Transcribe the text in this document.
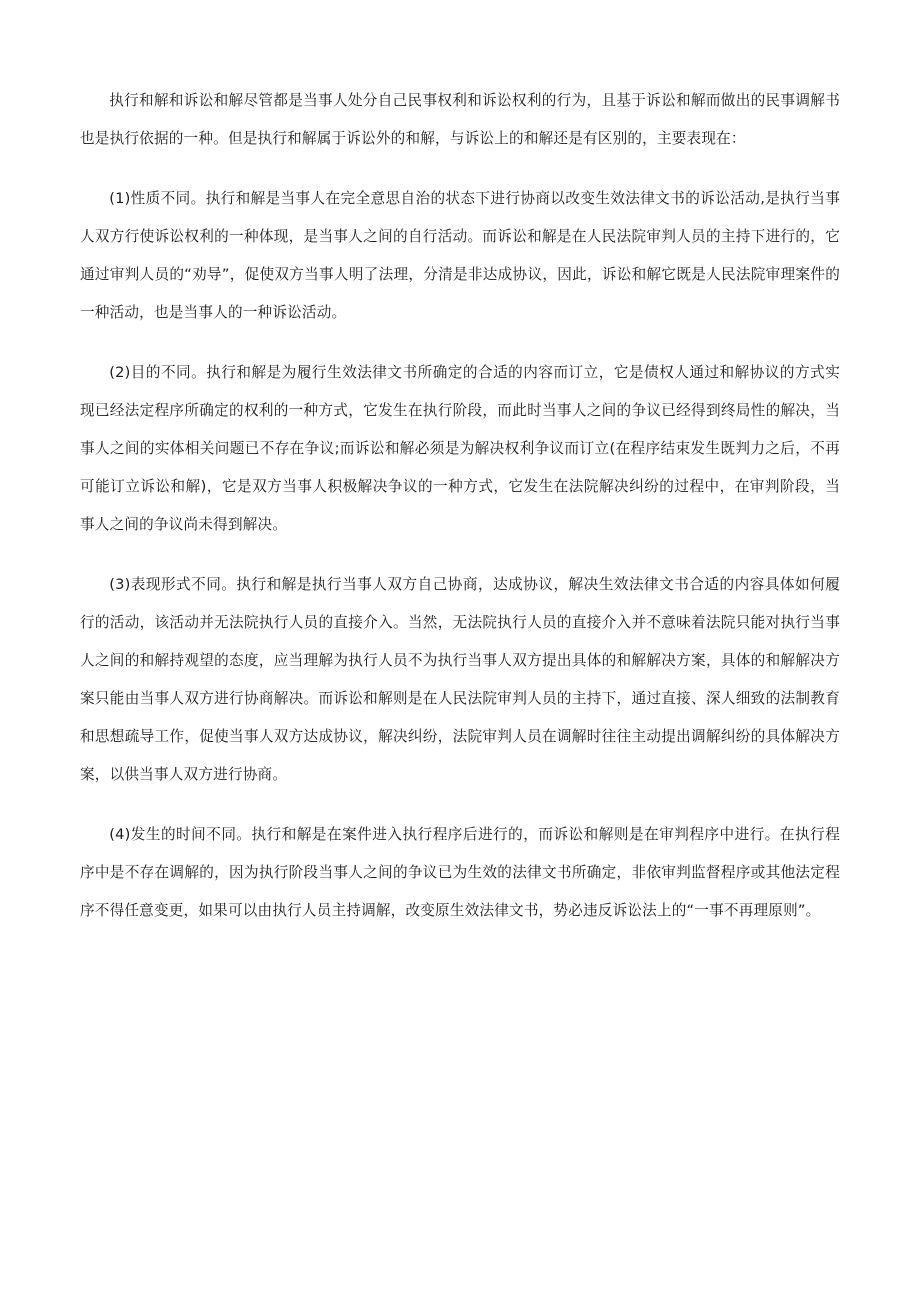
执行和解和诉讼和解尽管都是当事人处分自己民事权利和诉讼权利的行为，且基于诉讼和解而做出的民事调解书也是执行依据的一种。但是执行和解属于诉讼外的和解，与诉讼上的和解还是有区别的，主要表现在：

(1)性质不同。执行和解是当事人在完全意思自治的状态下进行协商以改变生效法律文书的诉讼活动,是执行当事人双方行使诉讼权利的一种体现，是当事人之间的自行活动。而诉讼和解是在人民法院审判人员的主持下进行的，它通过审判人员的“劝导”，促使双方当事人明了法理，分清是非达成协议，因此，诉讼和解它既是人民法院审理案件的一种活动，也是当事人的一种诉讼活动。

(2)目的不同。执行和解是为履行生效法律文书所确定的合适的内容而订立，它是债权人通过和解协议的方式实现已经法定程序所确定的权利的一种方式，它发生在执行阶段，而此时当事人之间的争议已经得到终局性的解决，当事人之间的实体相关问题已不存在争议;而诉讼和解必须是为解决权利争议而订立(在程序结束发生既判力之后，不再可能订立诉讼和解)，它是双方当事人积极解决争议的一种方式，它发生在法院解决纠纷的过程中，在审判阶段，当事人之间的争议尚未得到解决。

(3)表现形式不同。执行和解是执行当事人双方自己协商，达成协议，解决生效法律文书合适的内容具体如何履行的活动，该活动并无法院执行人员的直接介入。当然，无法院执行人员的直接介入并不意味着法院只能对执行当事人之间的和解持观望的态度，应当理解为执行人员不为执行当事人双方提出具体的和解解决方案，具体的和解解决方案只能由当事人双方进行协商解决。而诉讼和解则是在人民法院审判人员的主持下，通过直接、深人细致的法制教育和思想疏导工作，促使当事人双方达成协议，解决纠纷，法院审判人员在调解时往往主动提出调解纠纷的具体解决方案，以供当事人双方进行协商。

(4)发生的时间不同。执行和解是在案件进入执行程序后进行的，而诉讼和解则是在审判程序中进行。在执行程序中是不存在调解的，因为执行阶段当事人之间的争议已为生效的法律文书所确定，非依审判监督程序或其他法定程序不得任意变更，如果可以由执行人员主持调解，改变原生效法律文书，势必违反诉讼法上的“一事不再理原则”。
